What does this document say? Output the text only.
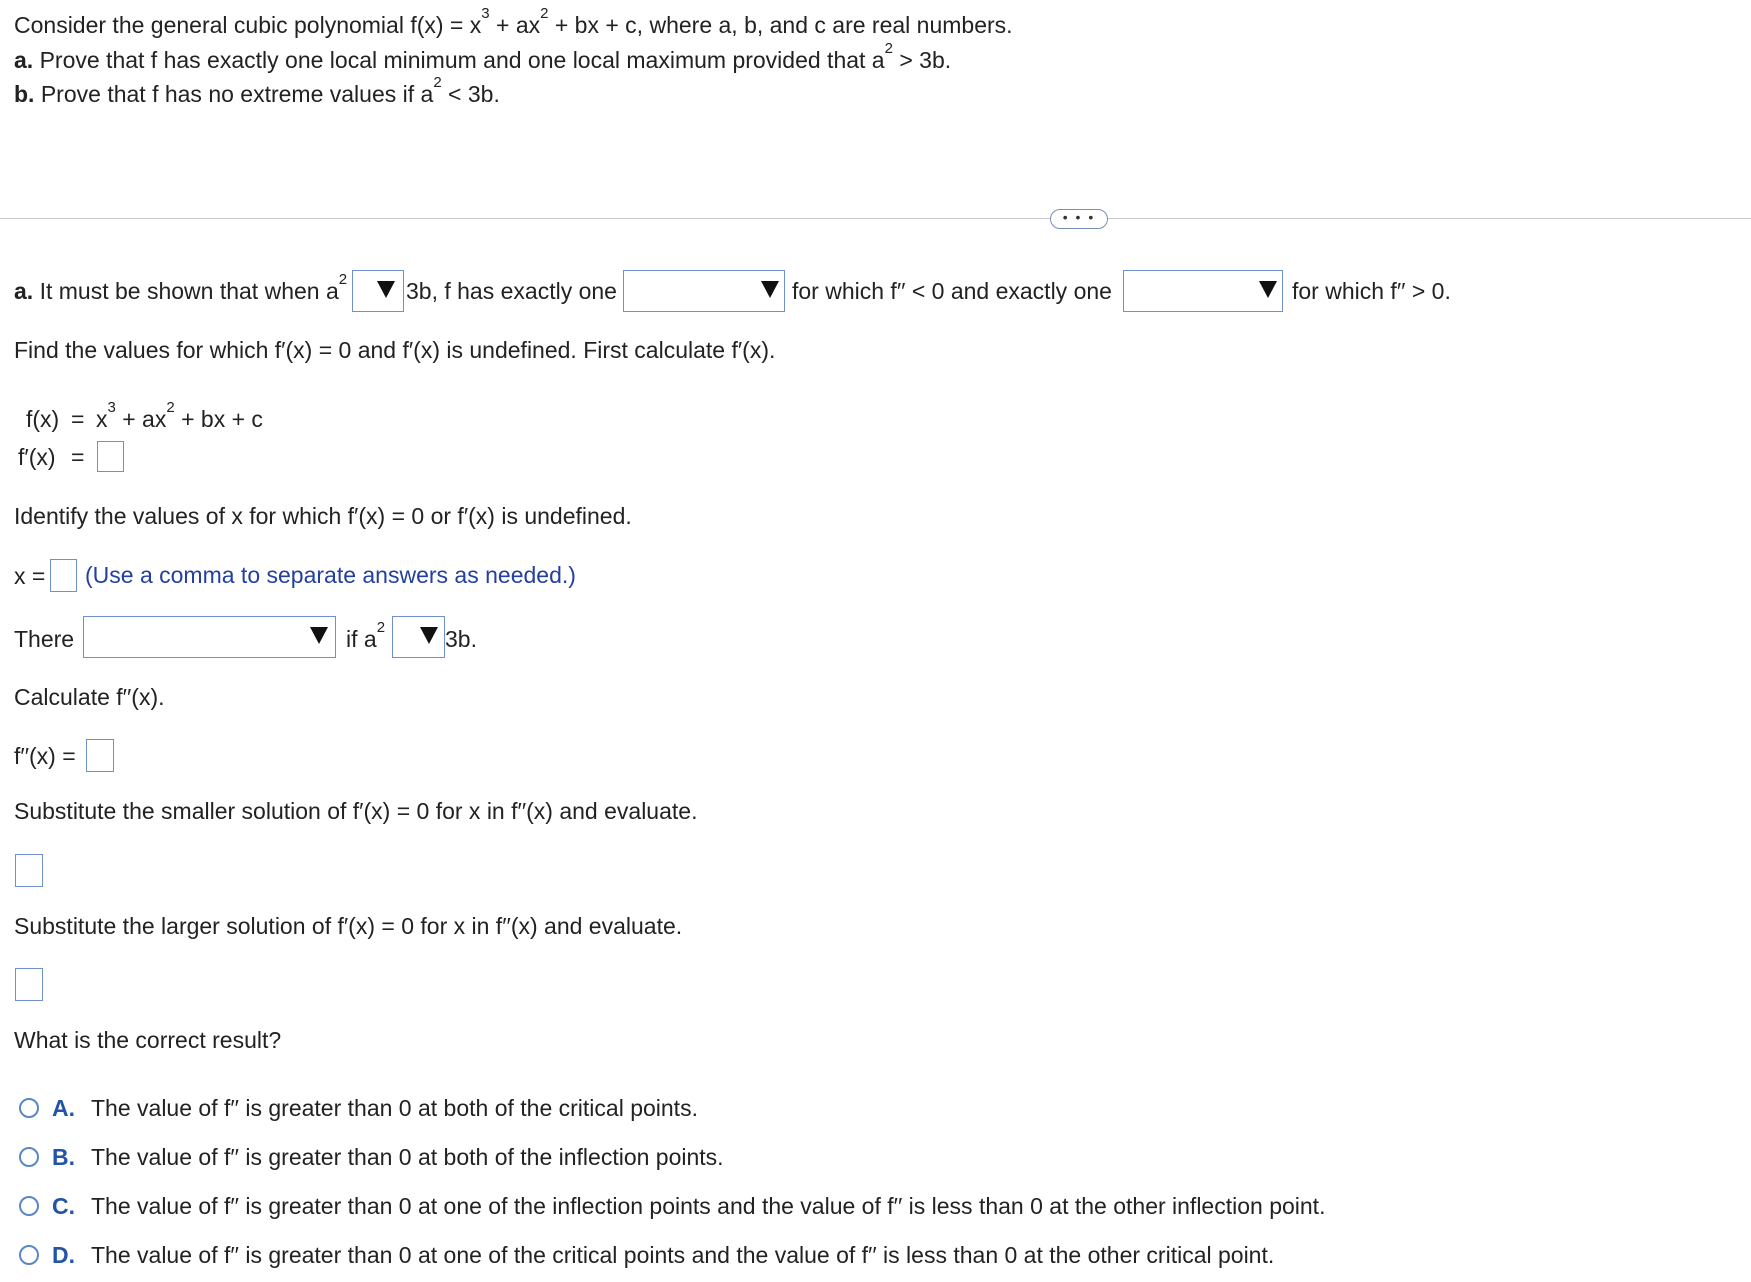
Consider the general cubic polynomial $f(x) = x^3 + ax^2$ + bx + c, where a, b, and c are real numbers.
a. Prove that f has exactly one local minimum and one local maximum provided that $a^2 > 3b$.
b. Prove that f has no extreme values if $a^2 < 3b$.
• • •
a. It must be shown that when $a^2$	3b, f has exactly one	for which f′′ < 0 and exactly one	for which f′′ > 0.
Find the values for which f′(x) = 0 and f′(x) is undefined. First calculate f′(x).
$f(x) = x^3 + ax^2$ + bx + c
f′(x) =
Identify the values of x for which f′(x) = 0 or f′(x) is undefined.
x = (Use a comma to separate answers as needed.)
There	if $a^2$	3b.
Calculate f′′(x).
f′′(x) =
Substitute the smaller solution of f′(x) = 0 for x in f′′(x) and evaluate.
Substitute the larger solution of f′(x) = 0 for x in f′′(x) and evaluate.
What is the correct result?
A. The value of f′′ is greater than 0 at both of the critical points.
B. The value of f′′ is greater than 0 at both of the inflection points.
C. The value of f′′ is greater than 0 at one of the inflection points and the value of f′′ is less than 0 at the other inflection point.
D. The value of f′′ is greater than 0 at one of the critical points and the value of f′′ is less than 0 at the other critical point.
